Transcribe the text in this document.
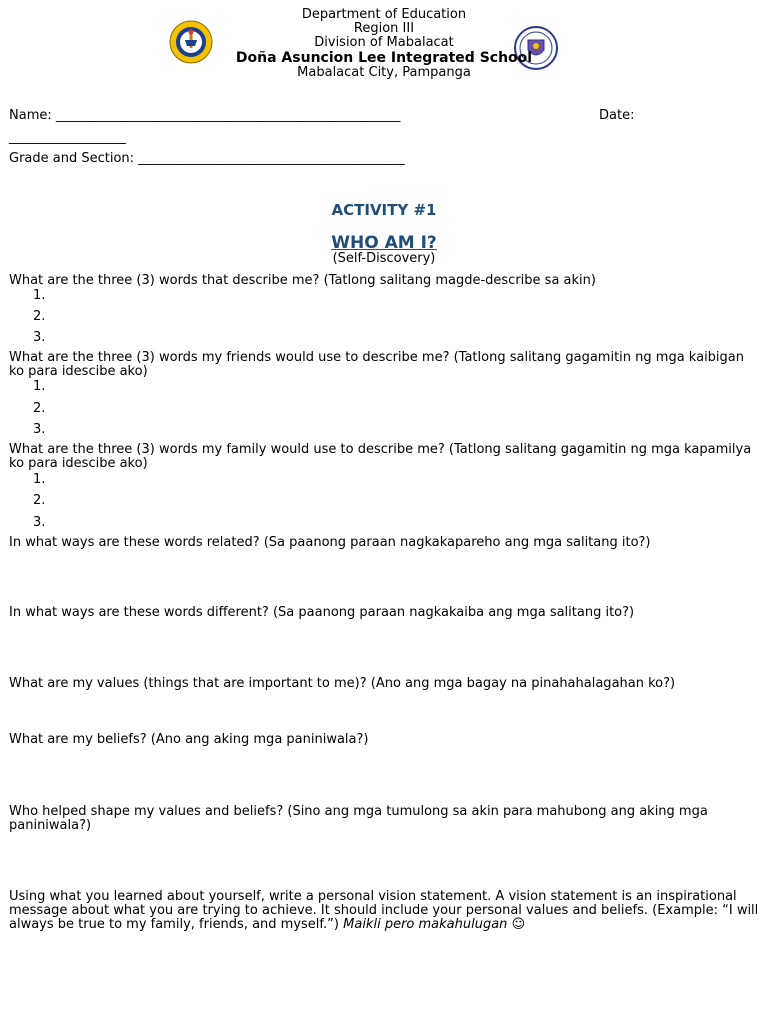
Department of Education
Region III
Division of Mabalacat
Doña Asuncion Lee Integrated School
Mabalacat City, Pampanga
Name: _____________________________________________________	Date:
__________________
Grade and Section: _________________________________________
ACTIVITY #1
WHO AM I?
(Self-Discovery)
What are the three (3) words that describe me? (Tatlong salitang magde-describe sa akin)
1.
2.
3.
What are the three (3) words my friends would use to describe me? (Tatlong salitang gagamitin ng mga kaibigan ko para idescibe ako)
1.
2.
3.
What are the three (3) words my family would use to describe me? (Tatlong salitang gagamitin ng mga kapamilya ko para idescibe ako)
1.
2.
3.
In what ways are these words related? (Sa paanong paraan nagkakapareho ang mga salitang ito?)
In what ways are these words different? (Sa paanong paraan nagkakaiba ang mga salitang ito?)
What are my values (things that are important to me)? (Ano ang mga bagay na pinahahalagahan ko?)
What are my beliefs? (Ano ang aking mga paniniwala?)
Who helped shape my values and beliefs? (Sino ang mga tumulong sa akin para mahubong ang aking mga paniniwala?)
Using what you learned about yourself, write a personal vision statement. A vision statement is an inspirational message about what you are trying to achieve. It should include your personal values and beliefs. (Example: “I will always be true to my family, friends, and myself.”) Maikli pero makahulugan ☺
